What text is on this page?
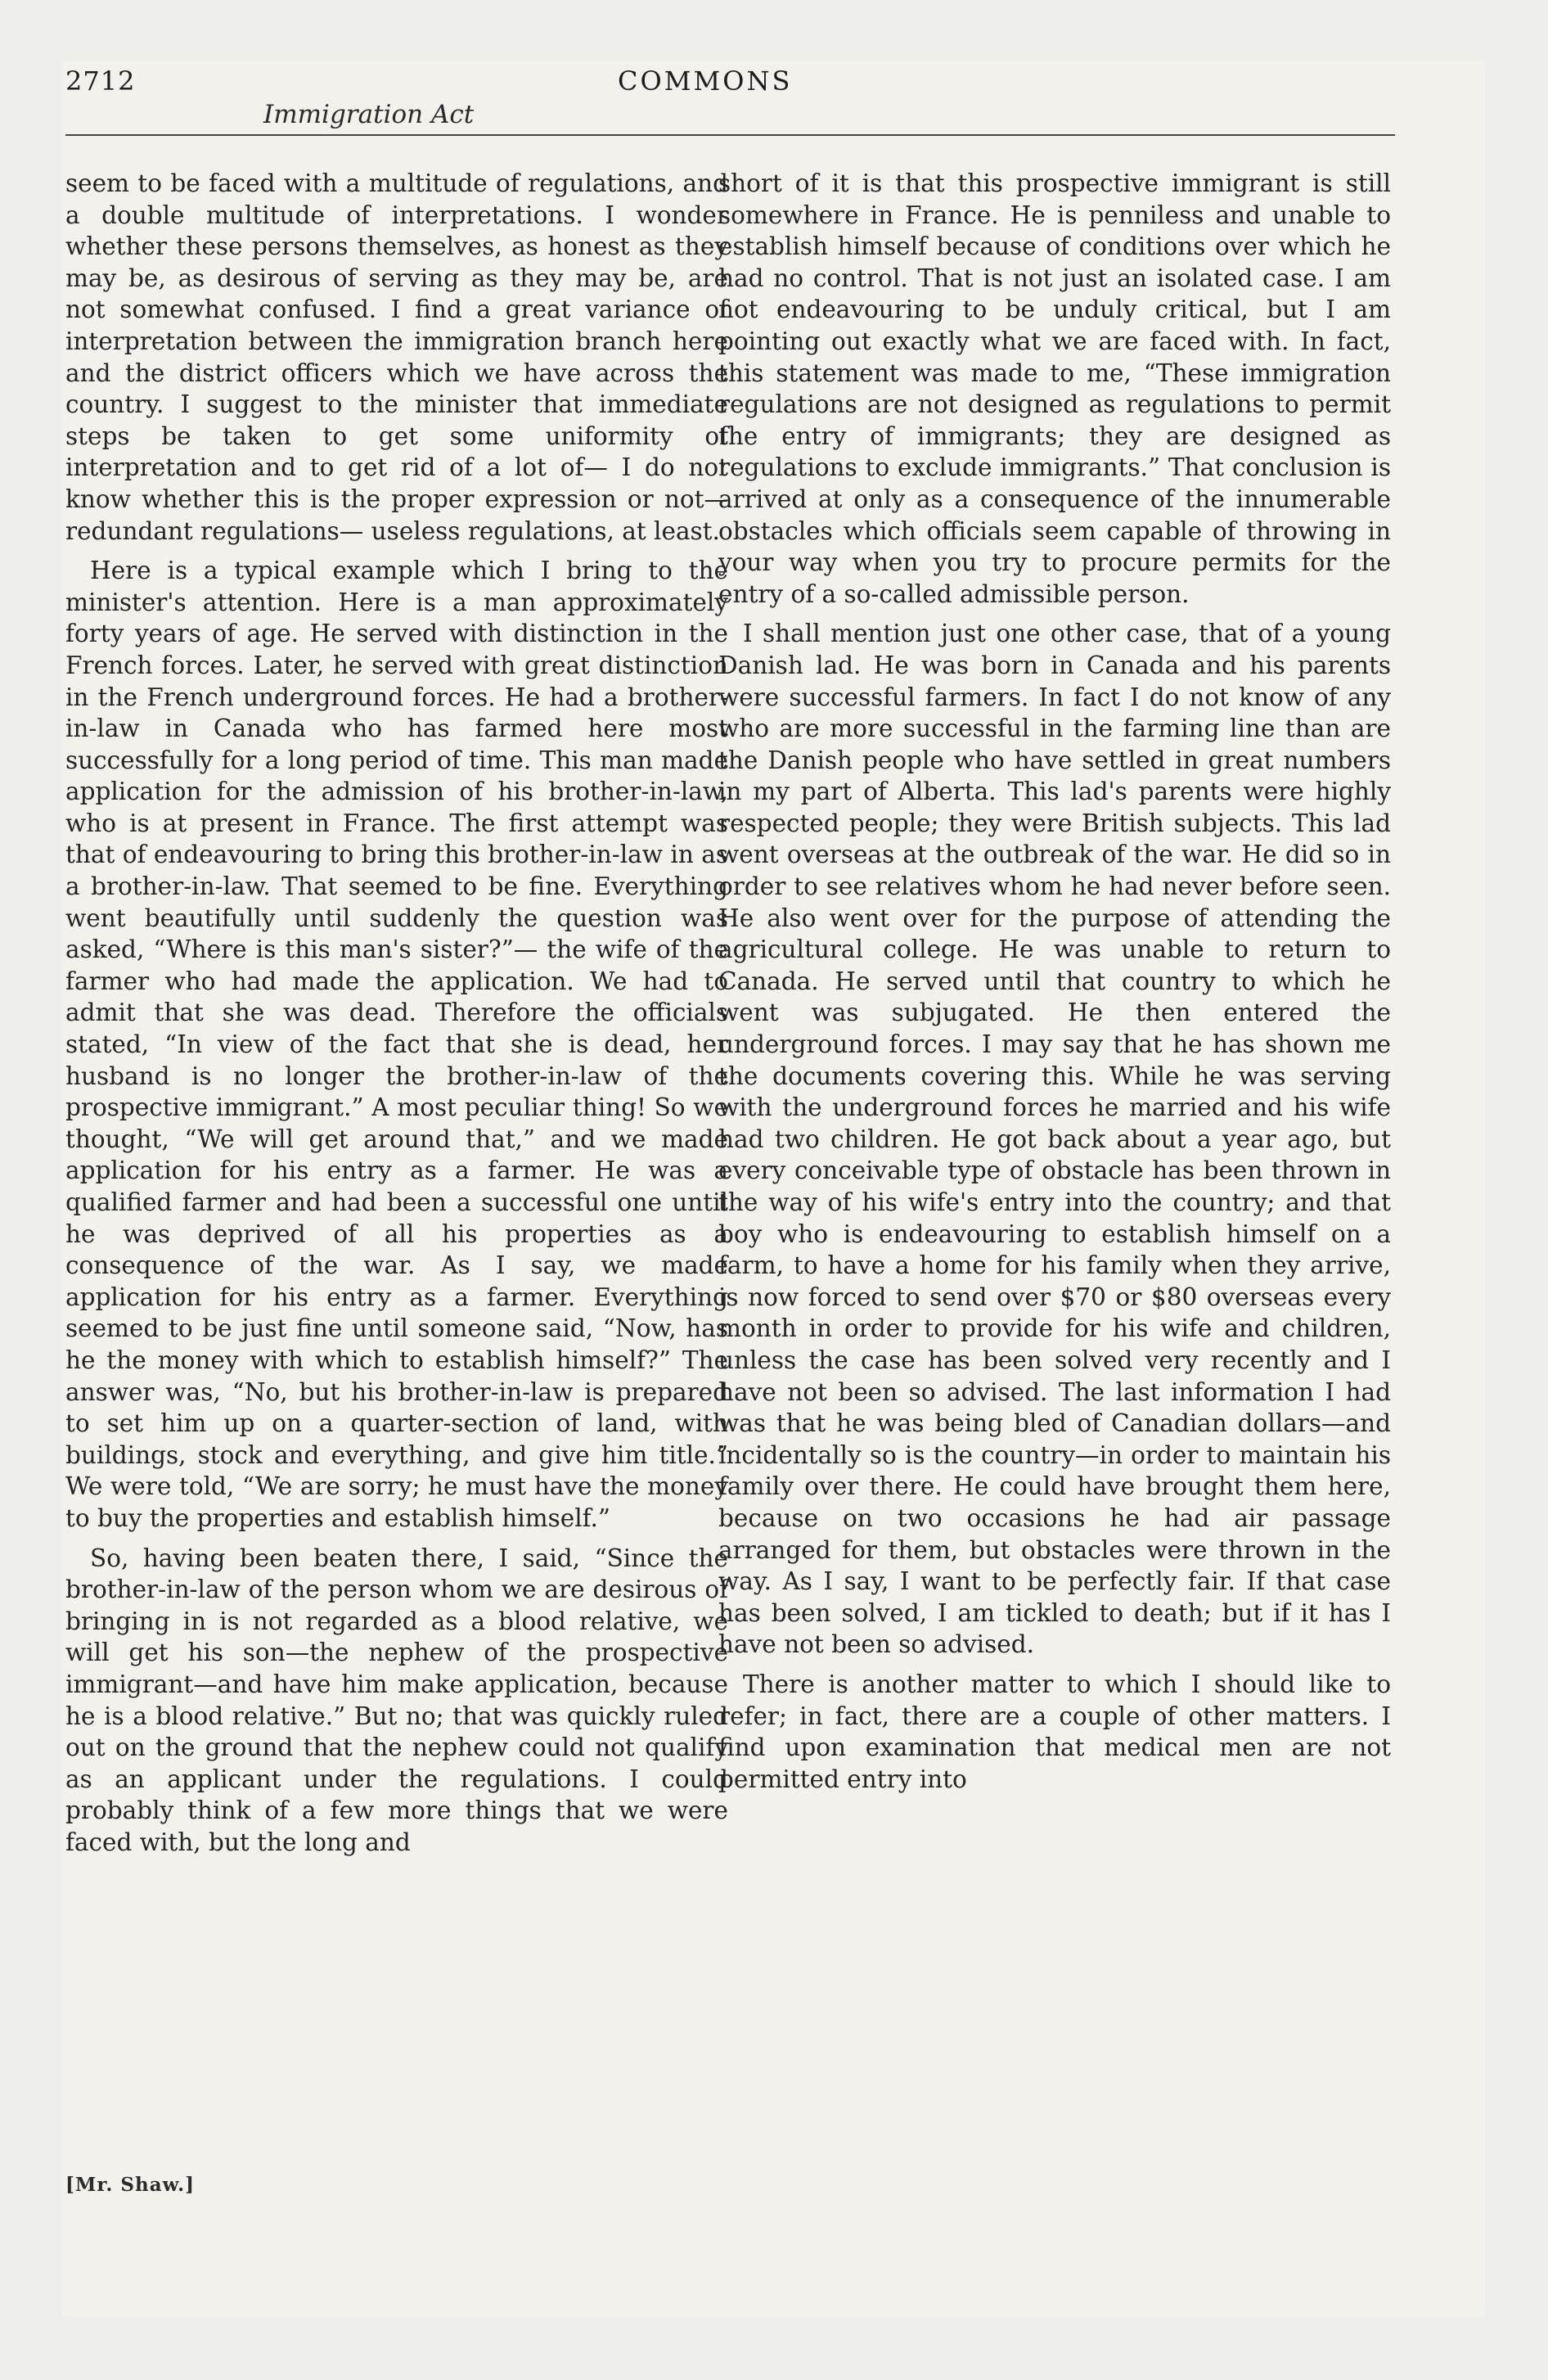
2712	COMMONS
Immigration Act

seem to be faced with a multitude of regulations, and a double multitude of interpretations. I wonder whether these persons themselves, as honest as they may be, as desirous of serving as they may be, are not somewhat confused. I find a great variance of interpretation between the immigration branch here and the district officers which we have across the country. I suggest to the minister that immediate steps be taken to get some uniformity of interpretation and to get rid of a lot of— I do not know whether this is the proper expression or not—redundant regulations— useless regulations, at least.

Here is a typical example which I bring to the minister's attention. Here is a man approximately forty years of age. He served with distinction in the French forces. Later, he served with great distinction in the French underground forces. He had a brother-in-law in Canada who has farmed here most successfully for a long period of time. This man made application for the admission of his brother-in-law, who is at present in France. The first attempt was that of endeavouring to bring this brother-in-law in as a brother-in-law. That seemed to be fine. Everything went beautifully until suddenly the question was asked, “Where is this man's sister?”— the wife of the farmer who had made the application. We had to admit that she was dead. Therefore the officials stated, “In view of the fact that she is dead, her husband is no longer the brother-in-law of the prospective immigrant.” A most peculiar thing! So we thought, “We will get around that,” and we made application for his entry as a farmer. He was a qualified farmer and had been a successful one until he was deprived of all his properties as a consequence of the war. As I say, we made application for his entry as a farmer. Everything seemed to be just fine until someone said, “Now, has he the money with which to establish himself?” The answer was, “No, but his brother-in-law is prepared to set him up on a quarter-section of land, with buildings, stock and everything, and give him title.” We were told, “We are sorry; he must have the money to buy the properties and establish himself.”

So, having been beaten there, I said, “Since the brother-in-law of the person whom we are desirous of bringing in is not regarded as a blood relative, we will get his son—the nephew of the prospective immigrant—and have him make application, because he is a blood relative.” But no; that was quickly ruled out on the ground that the nephew could not qualify as an applicant under the regulations. I could probably think of a few more things that we were faced with, but the long and

short of it is that this prospective immigrant is still somewhere in France. He is penniless and unable to establish himself because of conditions over which he had no control. That is not just an isolated case. I am not endeavouring to be unduly critical, but I am pointing out exactly what we are faced with. In fact, this statement was made to me, “These immigration regulations are not designed as regulations to permit the entry of immigrants; they are designed as regulations to exclude immigrants.” That conclusion is arrived at only as a consequence of the innumerable obstacles which officials seem capable of throwing in your way when you try to procure permits for the entry of a so-called admissible person.

I shall mention just one other case, that of a young Danish lad. He was born in Canada and his parents were successful farmers. In fact I do not know of any who are more successful in the farming line than are the Danish people who have settled in great numbers in my part of Alberta. This lad's parents were highly respected people; they were British subjects. This lad went overseas at the outbreak of the war. He did so in order to see relatives whom he had never before seen. He also went over for the purpose of attending the agricultural college. He was unable to return to Canada. He served until that country to which he went was subjugated. He then entered the underground forces. I may say that he has shown me the documents covering this. While he was serving with the underground forces he married and his wife had two children. He got back about a year ago, but every conceivable type of obstacle has been thrown in the way of his wife's entry into the country; and that boy who is endeavouring to establish himself on a farm, to have a home for his family when they arrive, is now forced to send over $70 or $80 overseas every month in order to provide for his wife and children, unless the case has been solved very recently and I have not been so advised. The last information I had was that he was being bled of Canadian dollars—and incidentally so is the country—in order to maintain his family over there. He could have brought them here, because on two occasions he had air passage arranged for them, but obstacles were thrown in the way. As I say, I want to be perfectly fair. If that case has been solved, I am tickled to death; but if it has I have not been so advised.

There is another matter to which I should like to refer; in fact, there are a couple of other matters. I find upon examination that medical men are not permitted entry into

[Mr. Shaw.]
